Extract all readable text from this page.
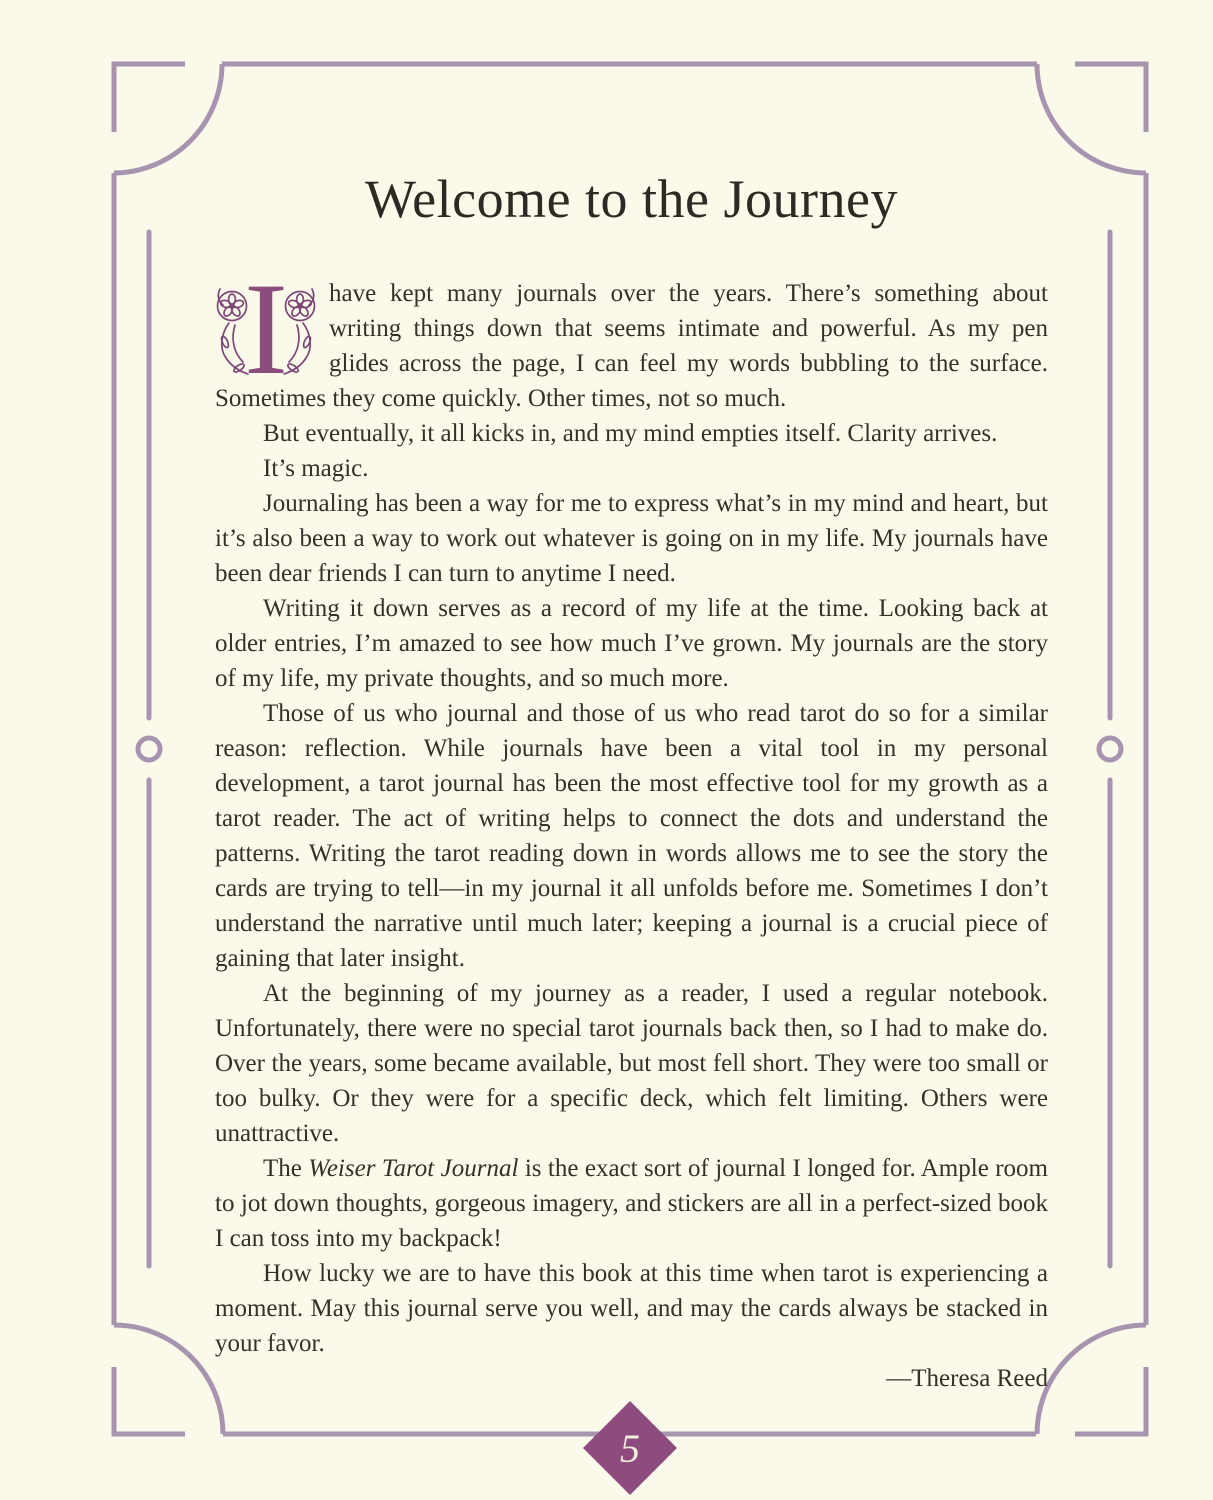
Welcome to the Journey

I	have kept many journals over the years. There’s something about writing things down that seems intimate and powerful. As my pen glides across the page, I can feel my words bubbling to the surface. Sometimes they come quickly. Other times, not so much.

But eventually, it all kicks in, and my mind empties itself. Clarity arrives.

It’s magic.

Journaling has been a way for me to express what’s in my mind and heart, but it’s also been a way to work out whatever is going on in my life. My journals have been dear friends I can turn to anytime I need.

Writing it down serves as a record of my life at the time. Looking back at older entries, I’m amazed to see how much I’ve grown. My journals are the story of my life, my private thoughts, and so much more.

Those of us who journal and those of us who read tarot do so for a similar reason: reflection. While journals have been a vital tool in my personal development, a tarot journal has been the most effective tool for my growth as a tarot reader. The act of writing helps to connect the dots and understand the patterns. Writing the tarot reading down in words allows me to see the story the cards are trying to tell—in my journal it all unfolds before me. Sometimes I don’t understand the narrative until much later; keeping a journal is a crucial piece of gaining that later insight.

At the beginning of my journey as a reader, I used a regular notebook. Unfortunately, there were no special tarot journals back then, so I had to make do. Over the years, some became available, but most fell short. They were too small or too bulky. Or they were for a specific deck, which felt limiting. Others were unattractive.

The Weiser Tarot Journal is the exact sort of journal I longed for. Ample room to jot down thoughts, gorgeous imagery, and stickers are all in a perfect-sized book I can toss into my backpack!

How lucky we are to have this book at this time when tarot is experiencing a moment. May this journal serve you well, and may the cards always be stacked in your favor.

—Theresa Reed

5
